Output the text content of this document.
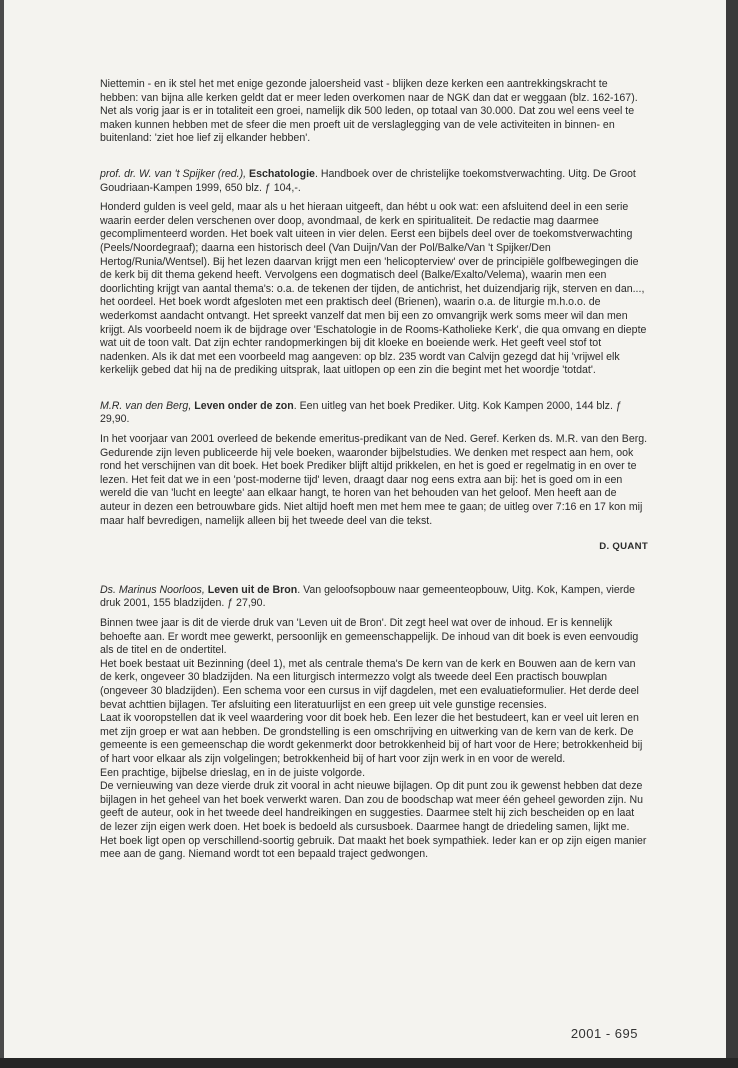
Niettemin - en ik stel het met enige gezonde jaloersheid vast - blijken deze kerken een aantrekkingskracht te hebben: van bijna alle kerken geldt dat er meer leden overkomen naar de NGK dan dat er weggaan (blz. 162-167). Net als vorig jaar is er in totaliteit een groei, namelijk dik 500 leden, op totaal van 30.000. Dat zou wel eens veel te maken kunnen hebben met de sfeer die men proeft uit de verslaglegging van de vele activiteiten in binnen- en buitenland: 'ziet hoe lief zij elkander hebben'.

prof. dr. W. van 't Spijker (red.), Eschatologie. Handboek over de christelijke toekomstverwachting. Uitg. De Groot Goudriaan-Kampen 1999, 650 blz. ƒ 104,-.

Honderd gulden is veel geld, maar als u het hieraan uitgeeft, dan hébt u ook wat: een afsluitend deel in een serie waarin eerder delen verschenen over doop, avondmaal, de kerk en spiritualiteit. De redactie mag daarmee gecomplimenteerd worden. Het boek valt uiteen in vier delen. Eerst een bijbels deel over de toekomstverwachting (Peels/Noordegraaf); daarna een historisch deel (Van Duijn/Van der Pol/Balke/Van 't Spijker/Den Hertog/Runia/Wentsel). Bij het lezen daarvan krijgt men een 'helicopterview' over de principiële golfbewegingen die de kerk bij dit thema gekend heeft. Vervolgens een dogmatisch deel (Balke/Exalto/Velema), waarin men een doorlichting krijgt van aantal thema's: o.a. de tekenen der tijden, de antichrist, het duizendjarig rijk, sterven en dan..., het oordeel. Het boek wordt afgesloten met een praktisch deel (Brienen), waarin o.a. de liturgie m.h.o.o. de wederkomst aandacht ontvangt. Het spreekt vanzelf dat men bij een zo omvangrijk werk soms meer wil dan men krijgt. Als voorbeeld noem ik de bijdrage over 'Eschatologie in de Rooms-Katholieke Kerk', die qua omvang en diepte wat uit de toon valt. Dat zijn echter randopmerkingen bij dit kloeke en boeiende werk. Het geeft veel stof tot nadenken. Als ik dat met een voorbeeld mag aangeven: op blz. 235 wordt van Calvijn gezegd dat hij 'vrijwel elk kerkelijk gebed dat hij na de prediking uitsprak, laat uitlopen op een zin die begint met het woordje 'totdat'.

M.R. van den Berg, Leven onder de zon. Een uitleg van het boek Prediker. Uitg. Kok Kampen 2000, 144 blz. ƒ 29,90.

In het voorjaar van 2001 overleed de bekende emeritus-predikant van de Ned. Geref. Kerken ds. M.R. van den Berg. Gedurende zijn leven publiceerde hij vele boeken, waaronder bijbelstudies. We denken met respect aan hem, ook rond het verschijnen van dit boek. Het boek Prediker blijft altijd prikkelen, en het is goed er regelmatig in en over te lezen. Het feit dat we in een 'post-moderne tijd' leven, draagt daar nog eens extra aan bij: het is goed om in een wereld die van 'lucht en leegte' aan elkaar hangt, te horen van het behouden van het geloof. Men heeft aan de auteur in dezen een betrouwbare gids. Niet altijd hoeft men met hem mee te gaan; de uitleg over 7:16 en 17 kon mij maar half bevredigen, namelijk alleen bij het tweede deel van die tekst.

D. QUANT

Ds. Marinus Noorloos, Leven uit de Bron. Van geloofsopbouw naar gemeenteopbouw, Uitg. Kok, Kampen, vierde druk 2001, 155 bladzijden. ƒ 27,90.

Binnen twee jaar is dit de vierde druk van 'Leven uit de Bron'. Dit zegt heel wat over de inhoud. Er is kennelijk behoefte aan. Er wordt mee gewerkt, persoonlijk en gemeenschappelijk. De inhoud van dit boek is even eenvoudig als de titel en de ondertitel.

Het boek bestaat uit Bezinning (deel 1), met als centrale thema's De kern van de kerk en Bouwen aan de kern van de kerk, ongeveer 30 bladzijden. Na een liturgisch intermezzo volgt als tweede deel Een practisch bouwplan (ongeveer 30 bladzijden). Een schema voor een cursus in vijf dagdelen, met een evaluatieformulier. Het derde deel bevat achttien bijlagen. Ter afsluiting een literatuurlijst en een greep uit vele gunstige recensies.

Laat ik vooropstellen dat ik veel waardering voor dit boek heb. Een lezer die het bestudeert, kan er veel uit leren en met zijn groep er wat aan hebben. De grondstelling is een omschrijving en uitwerking van de kern van de kerk. De gemeente is een gemeenschap die wordt gekenmerkt door betrokkenheid bij of hart voor de Here; betrokkenheid bij of hart voor elkaar als zijn volgelingen; betrokkenheid bij of hart voor zijn werk in en voor de wereld.

Een prachtige, bijbelse drieslag, en in de juiste volgorde.

De vernieuwing van deze vierde druk zit vooral in acht nieuwe bijlagen. Op dit punt zou ik gewenst hebben dat deze bijlagen in het geheel van het boek verwerkt waren. Dan zou de boodschap wat meer één geheel geworden zijn. Nu geeft de auteur, ook in het tweede deel handreikingen en suggesties. Daarmee stelt hij zich bescheiden op en laat de lezer zijn eigen werk doen. Het boek is bedoeld als cursusboek. Daarmee hangt de driedeling samen, lijkt me. Het boek ligt open op verschillend-soortig gebruik. Dat maakt het boek sympathiek. Ieder kan er op zijn eigen manier mee aan de gang. Niemand wordt tot een bepaald traject gedwongen.

2001 - 695
